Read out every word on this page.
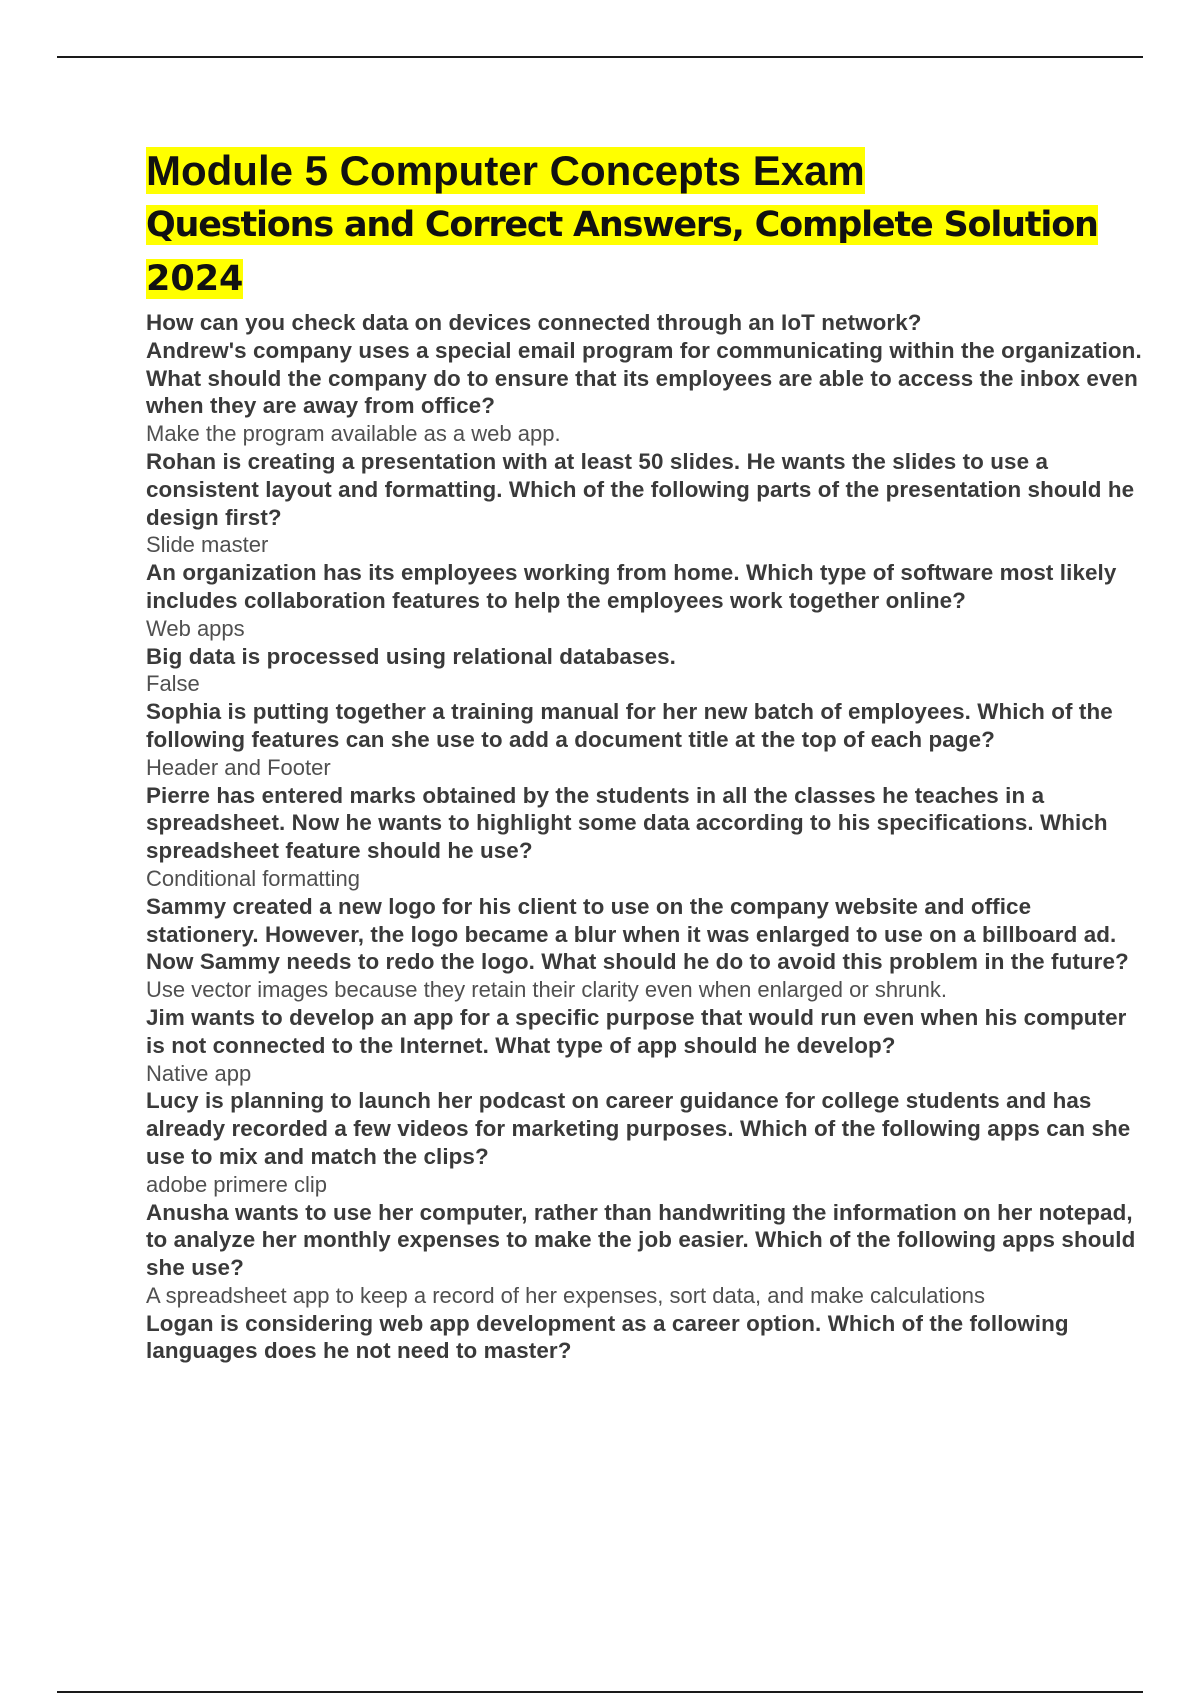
Module 5 Computer Concepts Exam
Questions and Correct Answers, Complete Solution
2024
How can you check data on devices connected through an IoT network?
Andrew's company uses a special email program for communicating within the organization. What should the company do to ensure that its employees are able to access the inbox even when they are away from office?
Make the program available as a web app.
Rohan is creating a presentation with at least 50 slides. He wants the slides to use a consistent layout and formatting. Which of the following parts of the presentation should he design first?
Slide master
An organization has its employees working from home. Which type of software most likely includes collaboration features to help the employees work together online?
Web apps
Big data is processed using relational databases.
False
Sophia is putting together a training manual for her new batch of employees. Which of the following features can she use to add a document title at the top of each page?
Header and Footer
Pierre has entered marks obtained by the students in all the classes he teaches in a spreadsheet. Now he wants to highlight some data according to his specifications. Which spreadsheet feature should he use?
Conditional formatting
Sammy created a new logo for his client to use on the company website and office stationery. However, the logo became a blur when it was enlarged to use on a billboard ad. Now Sammy needs to redo the logo. What should he do to avoid this problem in the future?
Use vector images because they retain their clarity even when enlarged or shrunk.
Jim wants to develop an app for a specific purpose that would run even when his computer is not connected to the Internet. What type of app should he develop?
Native app
Lucy is planning to launch her podcast on career guidance for college students and has already recorded a few videos for marketing purposes. Which of the following apps can she use to mix and match the clips?
adobe primere clip
Anusha wants to use her computer, rather than handwriting the information on her notepad, to analyze her monthly expenses to make the job easier. Which of the following apps should she use?
A spreadsheet app to keep a record of her expenses, sort data, and make calculations
Logan is considering web app development as a career option. Which of the following languages does he not need to master?
